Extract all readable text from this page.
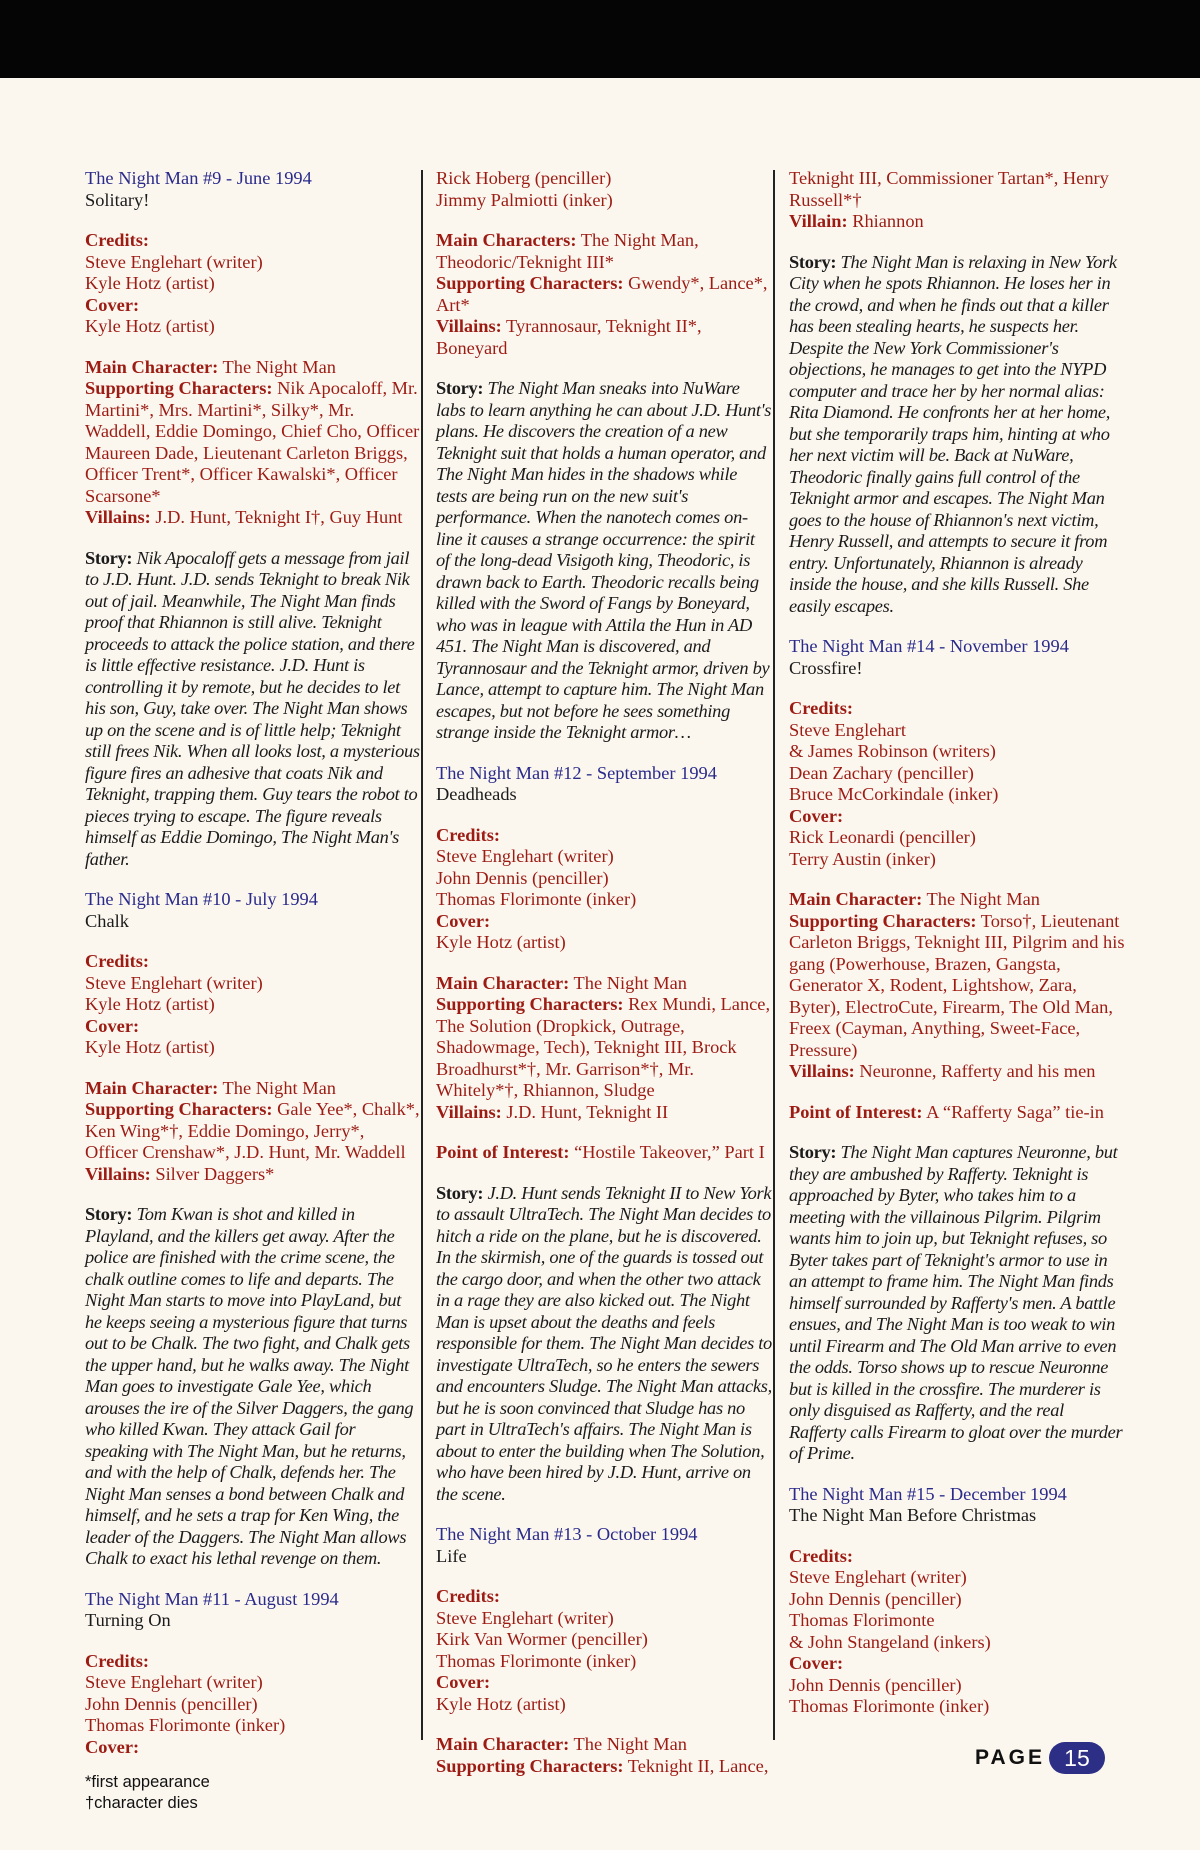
The Night Man #9 - June 1994
Solitary!
Credits:
Steve Englehart (writer)
Kyle Hotz (artist)
Cover:
Kyle Hotz (artist)
Main Character: The Night Man
Supporting Characters: Nik Apocaloff, Mr. Martini*, Mrs. Martini*, Silky*, Mr. Waddell, Eddie Domingo, Chief Cho, Officer Maureen Dade, Lieutenant Carleton Briggs, Officer Trent*, Officer Kawalski*, Officer Scarsone*
Villains: J.D. Hunt, Teknight I†, Guy Hunt
Story: Nik Apocaloff gets a message from jail to J.D. Hunt. J.D. sends Teknight to break Nik out of jail. Meanwhile, The Night Man finds proof that Rhiannon is still alive. Teknight proceeds to attack the police station, and there is little effective resistance. J.D. Hunt is controlling it by remote, but he decides to let his son, Guy, take over. The Night Man shows up on the scene and is of little help; Teknight still frees Nik. When all looks lost, a mysterious figure fires an adhesive that coats Nik and Teknight, trapping them. Guy tears the robot to pieces trying to escape. The figure reveals himself as Eddie Domingo, The Night Man's father.
The Night Man #10 - July 1994
Chalk
Credits:
Steve Englehart (writer)
Kyle Hotz (artist)
Cover:
Kyle Hotz (artist)
Main Character: The Night Man
Supporting Characters: Gale Yee*, Chalk*, Ken Wing*†, Eddie Domingo, Jerry*, Officer Crenshaw*, J.D. Hunt, Mr. Waddell
Villains: Silver Daggers*
Story: Tom Kwan is shot and killed in Playland, and the killers get away. After the police are finished with the crime scene, the chalk outline comes to life and departs. The Night Man starts to move into PlayLand, but he keeps seeing a mysterious figure that turns out to be Chalk. The two fight, and Chalk gets the upper hand, but he walks away. The Night Man goes to investigate Gale Yee, which arouses the ire of the Silver Daggers, the gang who killed Kwan. They attack Gail for speaking with The Night Man, but he returns, and with the help of Chalk, defends her. The Night Man senses a bond between Chalk and himself, and he sets a trap for Ken Wing, the leader of the Daggers. The Night Man allows Chalk to exact his lethal revenge on them.
The Night Man #11 - August 1994
Turning On
Credits:
Steve Englehart (writer)
John Dennis (penciller)
Thomas Florimonte (inker)
Cover:
Rick Hoberg (penciller)
Jimmy Palmiotti (inker)
Main Characters: The Night Man, Theodoric/Teknight III*
Supporting Characters: Gwendy*, Lance*, Art*
Villains: Tyrannosaur, Teknight II*, Boneyard
Story: The Night Man sneaks into NuWare labs to learn anything he can about J.D. Hunt's plans. He discovers the creation of a new Teknight suit that holds a human operator, and The Night Man hides in the shadows while tests are being run on the new suit's performance. When the nanotech comes on-line it causes a strange occurrence: the spirit of the long-dead Visigoth king, Theodoric, is drawn back to Earth. Theodoric recalls being killed with the Sword of Fangs by Boneyard, who was in league with Attila the Hun in AD 451. The Night Man is discovered, and Tyrannosaur and the Teknight armor, driven by Lance, attempt to capture him. The Night Man escapes, but not before he sees something strange inside the Teknight armor…
The Night Man #12 - September 1994
Deadheads
Credits:
Steve Englehart (writer)
John Dennis (penciller)
Thomas Florimonte (inker)
Cover:
Kyle Hotz (artist)
Main Character: The Night Man
Supporting Characters: Rex Mundi, Lance, The Solution (Dropkick, Outrage, Shadowmage, Tech), Teknight III, Brock Broadhurst*†, Mr. Garrison*†, Mr. Whitely*†, Rhiannon, Sludge
Villains: J.D. Hunt, Teknight II
Point of Interest: “Hostile Takeover,” Part I
Story: J.D. Hunt sends Teknight II to New York to assault UltraTech. The Night Man decides to hitch a ride on the plane, but he is discovered. In the skirmish, one of the guards is tossed out the cargo door, and when the other two attack in a rage they are also kicked out. The Night Man is upset about the deaths and feels responsible for them. The Night Man decides to investigate UltraTech, so he enters the sewers and encounters Sludge. The Night Man attacks, but he is soon convinced that Sludge has no part in UltraTech's affairs. The Night Man is about to enter the building when The Solution, who have been hired by J.D. Hunt, arrive on the scene.
The Night Man #13 - October 1994
Life
Credits:
Steve Englehart (writer)
Kirk Van Wormer (penciller)
Thomas Florimonte (inker)
Cover:
Kyle Hotz (artist)
Main Character: The Night Man
Supporting Characters: Teknight II, Lance,
Teknight III, Commissioner Tartan*, Henry Russell*†
Villain: Rhiannon
Story: The Night Man is relaxing in New York City when he spots Rhiannon. He loses her in the crowd, and when he finds out that a killer has been stealing hearts, he suspects her. Despite the New York Commissioner's objections, he manages to get into the NYPD computer and trace her by her normal alias: Rita Diamond. He confronts her at her home, but she temporarily traps him, hinting at who her next victim will be. Back at NuWare, Theodoric finally gains full control of the Teknight armor and escapes. The Night Man goes to the house of Rhiannon's next victim, Henry Russell, and attempts to secure it from entry. Unfortunately, Rhiannon is already inside the house, and she kills Russell. She easily escapes.
The Night Man #14 - November 1994
Crossfire!
Credits:
Steve Englehart
& James Robinson (writers)
Dean Zachary (penciller)
Bruce McCorkindale (inker)
Cover:
Rick Leonardi (penciller)
Terry Austin (inker)
Main Character: The Night Man
Supporting Characters: Torso†, Lieutenant Carleton Briggs, Teknight III, Pilgrim and his gang (Powerhouse, Brazen, Gangsta, Generator X, Rodent, Lightshow, Zara, Byter), ElectroCute, Firearm, The Old Man, Freex (Cayman, Anything, Sweet-Face, Pressure)
Villains: Neuronne, Rafferty and his men
Point of Interest: A “Rafferty Saga” tie-in
Story: The Night Man captures Neuronne, but they are ambushed by Rafferty. Teknight is approached by Byter, who takes him to a meeting with the villainous Pilgrim. Pilgrim wants him to join up, but Teknight refuses, so Byter takes part of Teknight's armor to use in an attempt to frame him. The Night Man finds himself surrounded by Rafferty's men. A battle ensues, and The Night Man is too weak to win until Firearm and The Old Man arrive to even the odds. Torso shows up to rescue Neuronne but is killed in the crossfire. The murderer is only disguised as Rafferty, and the real Rafferty calls Firearm to gloat over the murder of Prime.
The Night Man #15 - December 1994
The Night Man Before Christmas
Credits:
Steve Englehart (writer)
John Dennis (penciller)
Thomas Florimonte
& John Stangeland (inkers)
Cover:
John Dennis (penciller)
Thomas Florimonte (inker)
PAGE 15
*first appearance
†character dies
